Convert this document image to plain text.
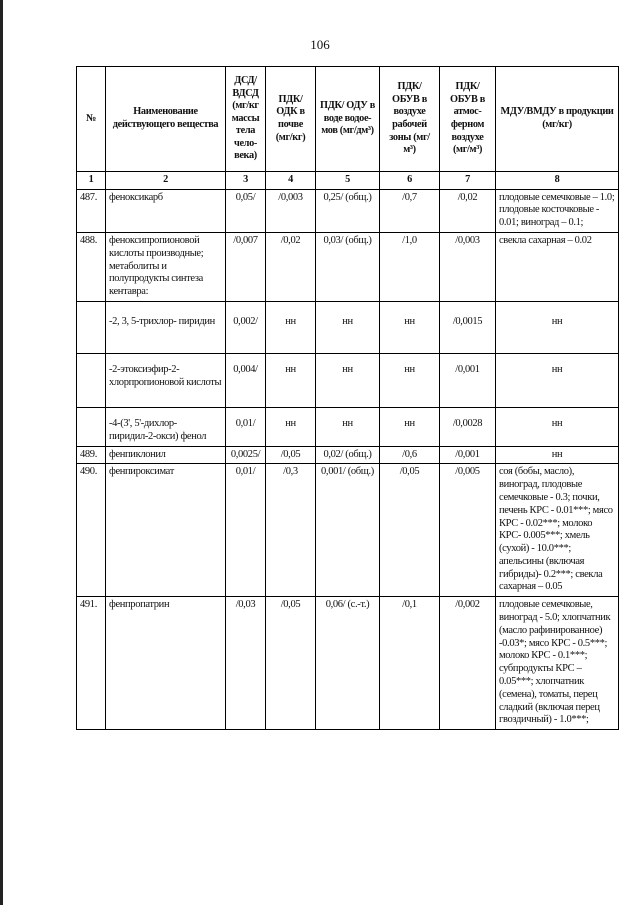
106
№	Наименование действующего вещества	ДСД/ ВДСД (мг/кг массы тела чело- века)	ПДК/ ОДК в почве (мг/кг)	ПДК/ ОДУ в воде водое- мов (мг/дм³)	ПДК/ ОБУВ в воздухе рабочей зоны (мг/м³)	ПДК/ ОБУВ в атмос- ферном воздухе (мг/м³)	МДУ/ВМДУ в продукции (мг/кг)
1	2	3	4	5	6	7	8
487.	феноксикарб	0,05/	/0,003	0,25/ (общ.)	/0,7	/0,02	плодовые семечковые – 1.0; плодовые косточковые - 0.01; виноград – 0.1;
488.	феноксипропионовой кислоты производные; метаболиты и полупродукты синтеза кентавра:	/0,007	/0,02	0,03/ (общ.)	/1,0	/0,003	свекла сахарная – 0.02
	-2, 3, 5-трихлор- пиридин	0,002/	нн	нн	нн	/0,0015	нн
	-2-этоксиэфир-2- хлорпропионовой кислоты	0,004/	нн	нн	нн	/0,001	нн
	-4-(3', 5'-дихлор- пиридил-2-окси) фенол	0,01/	нн	нн	нн	/0,0028	нн
489.	фенпиклонил	0,0025/	/0,05	0,02/ (общ.)	/0,6	/0,001	нн
490.	фенпироксимат	0,01/	/0,3	0,001/ (общ.)	/0,05	/0,005	соя (бобы, масло), виноград, плодовые семечковые - 0.3; почки, печень КРС - 0.01***; мясо КРС - 0.02***; молоко КРС- 0.005***; хмель (сухой) - 10.0***; апельсины (включая гибриды)- 0.2***; свекла сахарная – 0.05
491.	фенпропатрин	/0,03	/0,05	0,06/ (с.-т.)	/0,1	/0,002	плодовые семечковые, виноград - 5.0; хлопчатник (масло рафинированное) -0.03*; мясо КРС - 0.5***; молоко КРС - 0.1***; субпродукты КРС – 0.05***; хлопчатник (семена), томаты, перец сладкий (включая перец гвоздичный) - 1.0***;
